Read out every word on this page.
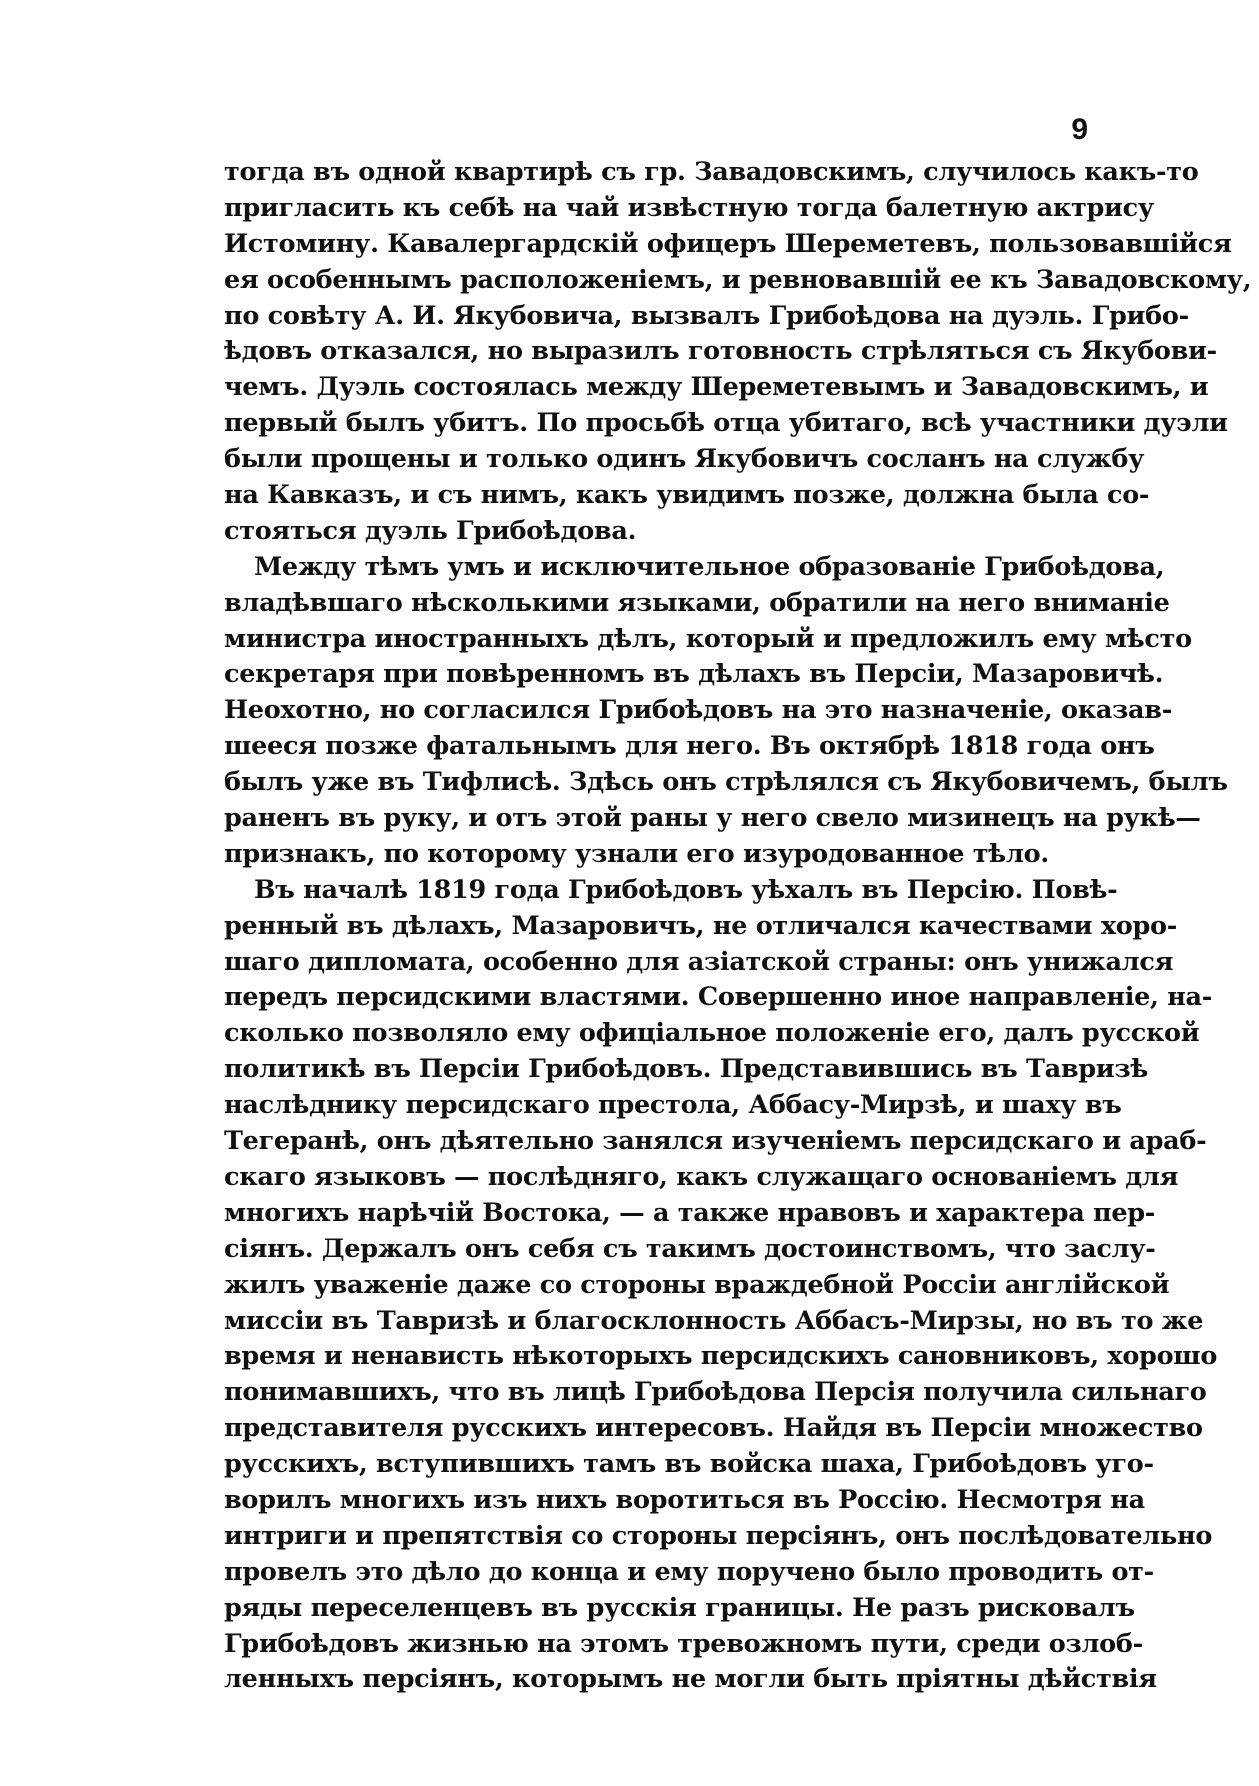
9
тогда въ одной квартирѣ съ гр. Завадовскимъ, случилось какъ-то
пригласить къ себѣ на чай извѣстную тогда балетную актрису
Истомину. Кавалергардскій офицеръ Шереметевъ, пользовавшійся
ея особеннымъ расположеніемъ, и ревновавшій ее къ Завадовскому,
по совѣту А. И. Якубовича, вызвалъ Грибоѣдова на дуэль. Грибо-
ѣдовъ отказался, но выразилъ готовность стрѣляться съ Якубови-
чемъ. Дуэль состоялась между Шереметевымъ и Завадовскимъ, и
первый былъ убитъ. По просьбѣ отца убитаго, всѣ участники дуэли
были прощены и только одинъ Якубовичъ сосланъ на службу
на Кавказъ, и съ нимъ, какъ увидимъ позже, должна была со-
стояться дуэль Грибоѣдова.
Между тѣмъ умъ и исключительное образованіе Грибоѣдова,
владѣвшаго нѣсколькими языками, обратили на него вниманіе
министра иностранныхъ дѣлъ, который и предложилъ ему мѣсто
секретаря при повѣренномъ въ дѣлахъ въ Персіи, Мазаровичѣ.
Неохотно, но согласился Грибоѣдовъ на это назначеніе, оказав-
шееся позже фатальнымъ для него. Въ октябрѣ 1818 года онъ
былъ уже въ Тифлисѣ. Здѣсь онъ стрѣлялся съ Якубовичемъ, былъ
раненъ въ руку, и отъ этой раны у него свело мизинецъ на рукѣ—
признакъ, по которому узнали его изуродованное тѣло.
Въ началѣ 1819 года Грибоѣдовъ уѣхалъ въ Персію. Повѣ-
ренный въ дѣлахъ, Мазаровичъ, не отличался качествами хоро-
шаго дипломата, особенно для азіатской страны: онъ унижался
передъ персидскими властями. Совершенно иное направленіе, на-
сколько позволяло ему офиціальное положеніе его, далъ русской
политикѣ въ Персіи Грибоѣдовъ. Представившись въ Тавризѣ
наслѣднику персидскаго престола, Аббасу-Мирзѣ, и шаху въ
Тегеранѣ, онъ дѣятельно занялся изученіемъ персидскаго и араб-
скаго языковъ — послѣдняго, какъ служащаго основаніемъ для
многихъ нарѣчій Востока, — а также нравовъ и характера пер-
сіянъ. Держалъ онъ себя съ такимъ достоинствомъ, что заслу-
жилъ уваженіе даже со стороны враждебной Россіи англійской
миссіи въ Тавризѣ и благосклонность Аббасъ-Мирзы, но въ то же
время и ненависть нѣкоторыхъ персидскихъ сановниковъ, хорошо
понимавшихъ, что въ лицѣ Грибоѣдова Персія получила сильнаго
представителя русскихъ интересовъ. Найдя въ Персіи множество
русскихъ, вступившихъ тамъ въ войска шаха, Грибоѣдовъ уго-
ворилъ многихъ изъ нихъ воротиться въ Россію. Несмотря на
интриги и препятствія со стороны персіянъ, онъ послѣдовательно
провелъ это дѣло до конца и ему поручено было проводить от-
ряды переселенцевъ въ русскія границы. Не разъ рисковалъ
Грибоѣдовъ жизнью на этомъ тревожномъ пути, среди озлоб-
ленныхъ персіянъ, которымъ не могли быть пріятны дѣйствія
